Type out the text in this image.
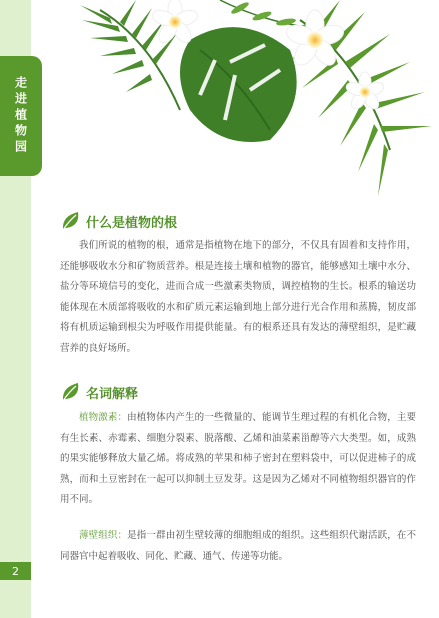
走进植物园
2
什么是植物的根

我们所说的植物的根，通常是指植物在地下的部分，不仅具有固着和支持作用，还能够吸收水分和矿物质营养。根是连接土壤和植物的器官，能够感知土壤中水分、盐分等环境信号的变化，进而合成一些激素类物质，调控植物的生长。根系的输送功能体现在木质部将吸收的水和矿质元素运输到地上部分进行光合作用和蒸腾，韧皮部将有机质运输到根尖为呼吸作用提供能量。有的根系还具有发达的薄壁组织，是贮藏营养的良好场所。

名词解释

植物激素：由植物体内产生的一些微量的、能调节生理过程的有机化合物，主要有生长素、赤霉素、细胞分裂素、脱落酸、乙烯和油菜素甾醇等六大类型。如，成熟的果实能够释放大量乙烯。将成熟的苹果和柿子密封在塑料袋中，可以促进柿子的成熟，而和土豆密封在一起可以抑制土豆发芽。这是因为乙烯对不同植物组织器官的作用不同。

薄壁组织：是指一群由初生壁较薄的细胞组成的组织。这些组织代谢活跃，在不同器官中起着吸收、同化、贮藏、通气、传递等功能。
